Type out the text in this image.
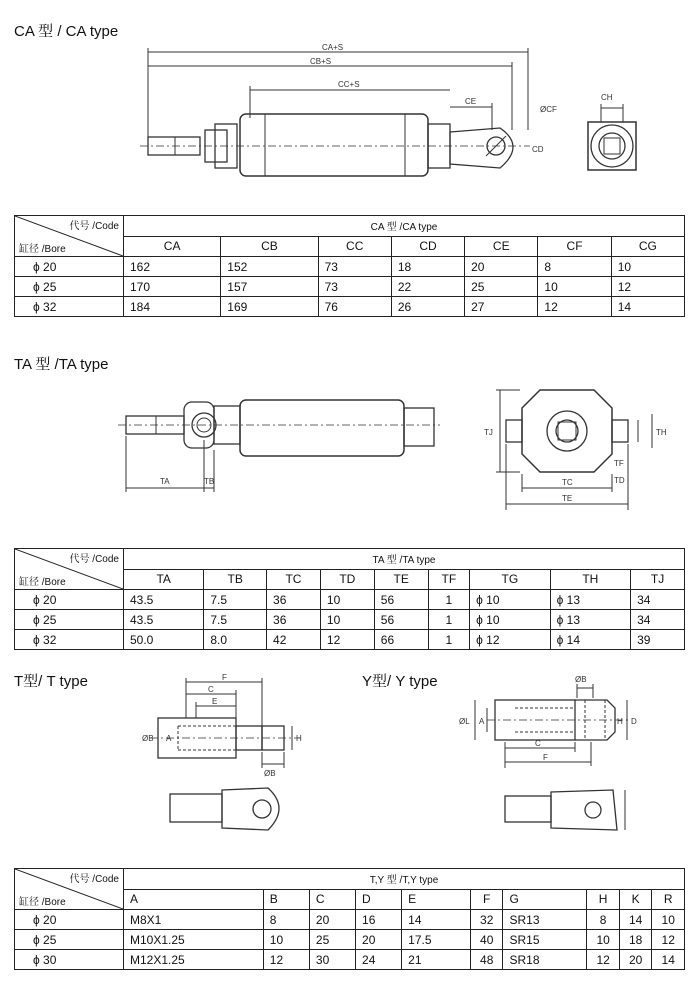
CA 型 / CA type
CA+S
CB+S
CC+S
CE
ØCF
CD
CH
代号 /Code
缸径 /Bore	CA 型 /CA type						
	CA	CB	CC	CD	CE	CF	CG
ϕ 20	162	152	73	18	20	8	10
ϕ 25	170	157	73	22	25	10	12
ϕ 32	184	169	76	26	27	12	14
TA 型 /TA type
TA	TB
TJ
TC
TE
TF
TD
TH
代号 /Code
缸径 /Bore	TA 型 /TA type								
	TA	TB	TC	TD	TE	TF	TG	TH	TJ
ϕ 20	43.5	7.5	36	10	56	1	ϕ 10	ϕ 13	34
ϕ 25	43.5	7.5	36	10	56	1	ϕ 10	ϕ 13	34
ϕ 32	50.0	8.0	42	12	66	1	ϕ 12	ϕ 14	39
T型/ T type	Y型/ Y type
F
C
E
ØB
A
ØB	H
ØB
ØL A
C
F
D
H
代号 /Code
缸径 /Bore	T,Y 型 /T,Y type									
	A	B	C	D	E	F	G	H	K	R
ϕ 20	M8X1	8	20	16	14	32	SR13	8	14	10
ϕ 25	M10X1.25	10	25	20	17.5	40	SR15	10	18	12
ϕ 30	M12X1.25	12	30	24	21	48	SR18	12	20	14
